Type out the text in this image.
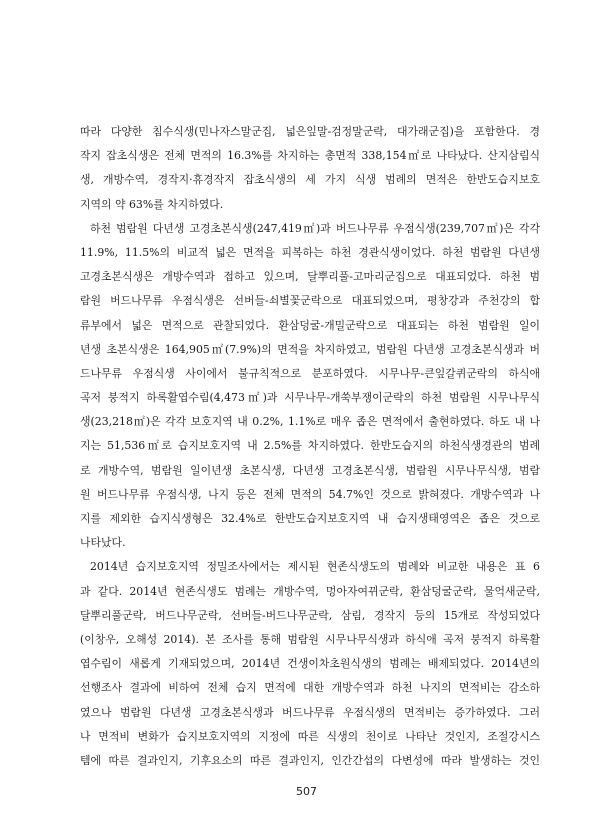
따라 다양한 침수식생(민나자스말군집, 넓은잎말-검정말군락, 대가래군집)을 포함한다. 경
작지 잡초식생은 전체 면적의 16.3%를 차지하는 총면적 338,154㎡로 나타났다. 산지삼림식
생, 개방수역, 경작지·휴경작지 잡초식생의 세 가지 식생 범례의 면적은 한반도습지보호
지역의 약 63%를 차지하였다.
하천 범람원 다년생 고경초본식생(247,419㎡)과 버드나무류 우점식생(239,707㎡)은 각각
11.9%, 11.5%의 비교적 넓은 면적을 피복하는 하천 경관식생이었다. 하천 범람원 다년생
고경초본식생은 개방수역과 접하고 있으며, 달뿌리풀-고마리군집으로 대표되었다. 하천 범
람원 버드나무류 우점식생은 선버들-쇠별꽃군락으로 대표되었으며, 평창강과 주천강의 합
류부에서 넓은 면적으로 관찰되었다. 환삼덩굴-개밀군락으로 대표되는 하천 범람원 일이
년생 초본식생은 164,905㎡(7.9%)의 면적을 차지하였고, 범람원 다년생 고경초본식생과 버
드나무류 우점식생 사이에서 불규칙적으로 분포하였다. 시무나무-큰잎갈퀴군락의 하식애
곡저 붕적지 하록활엽수림(4,473㎡)과 시무나무-개쑥부쟁이군락의 하천 범람원 시무나무식
생(23,218㎡)은 각각 보호지역 내 0.2%, 1.1%로 매우 좁은 면적에서 출현하였다. 하도 내 나
지는 51,536㎡로 습지보호지역 내 2.5%를 차지하였다. 한반도습지의 하천식생경관의 범례
로 개방수역, 범람원 일이년생 초본식생, 다년생 고경초본식생, 범람원 시무나무식생, 범람
원 버드나무류 우점식생, 나지 등은 전체 면적의 54.7%인 것으로 밝혀졌다. 개방수역과 나
지를 제외한 습지식생형은 32.4%로 한반도습지보호지역 내 습지생태영역은 좁은 것으로
나타났다.
2014년 습지보호지역 정밀조사에서는 제시된 현존식생도의 범례와 비교한 내용은 표 6
과 같다. 2014년 현존식생도 범례는 개방수역, 멍아자여뀌군락, 환삼덩굴군락, 물억새군락,
달뿌리풀군락, 버드나무군락, 선버들-버드나무군락, 삼림, 경작지 등의 15개로 작성되었다
(이창우, 오해성 2014). 본 조사를 통해 범람원 시무나무식생과 하식애 곡저 붕적지 하록활
엽수림이 새롭게 기재되었으며, 2014년 건생이차초원식생의 범례는 배제되었다. 2014년의
선행조사 결과에 비하여 전체 습지 면적에 대한 개방수역과 하천 나지의 면적비는 감소하
였으나 범람원 다년생 고경초본식생과 버드나무류 우점식생의 면적비는 증가하였다. 그러
나 면적비 변화가 습지보호지역의 지정에 따른 식생의 천이로 나타난 것인지, 조절강시스
템에 따른 결과인지, 기후요소의 따른 결과인지, 인간간섭의 다변성에 따라 발생하는 것인
507
